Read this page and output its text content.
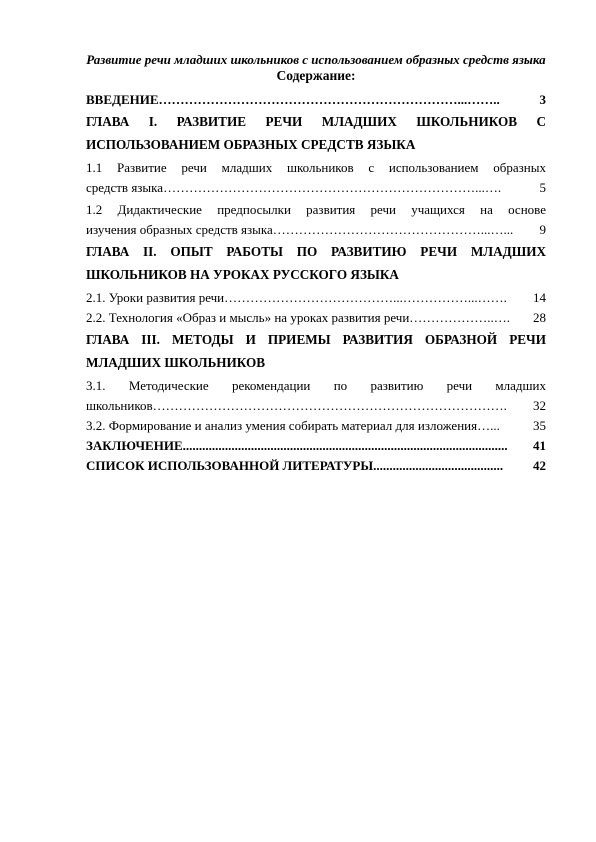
Развитие речи младших школьников с использованием образных средств языка

Содержание:

ВВЕДЕНИЕ ……………………………………………………………...……..	3
ГЛАВА I. РАЗВИТИЕ РЕЧИ МЛАДШИХ ШКОЛЬНИКОВ С
ИСПОЛЬЗОВАНИЕМ ОБРАЗНЫХ СРЕДСТВ ЯЗЫКА
1.1 Развитие речи младших школьников с использованием образных
средств языка ………………………………………………………………...….	5
1.2 Дидактические предпосылки развития речи учащихся на основе
изучения образных средств языка …………………………………………...…...	9
ГЛАВА II. ОПЫТ РАБОТЫ ПО РАЗВИТИЮ РЕЧИ МЛАДШИХ
ШКОЛЬНИКОВ НА УРОКАХ РУССКОГО ЯЗЫКА
2.1. Уроки развития речи …………………………………...……………...…….	14
2.2. Технология «Образ и мысль» на уроках развития речи ………………..….	28
ГЛАВА III. МЕТОДЫ И ПРИЕМЫ РАЗВИТИЯ ОБРАЗНОЙ РЕЧИ
МЛАДШИХ ШКОЛЬНИКОВ
3.1. Методические рекомендации по развитию речи младших
школьников ……………………………………………………………………….	32
3.2. Формирование и анализ умения собирать материал для изложения …...	35
ЗАКЛЮЧЕНИЕ ....................................................................................................	41
СПИСОК ИСПОЛЬЗОВАННОЙ ЛИТЕРАТУРЫ ........................................	42
